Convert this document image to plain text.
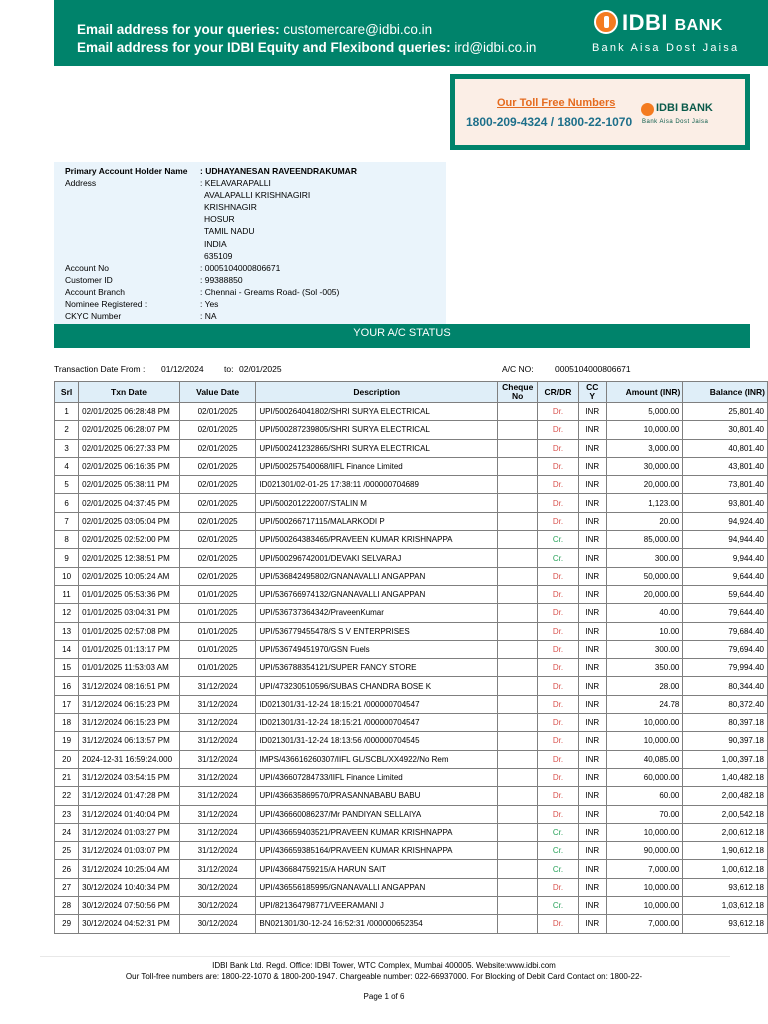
Email address for your queries: customercare@idbi.co.in
Email address for your IDBI Equity and Flexibond queries: ird@idbi.co.in
IDBI BANK
Bank Aisa Dost Jaisa
Our Toll Free Numbers
1800-209-4324 / 1800-22-1070
IDBI BANK
Bank Aisa Dost Jaisa
Primary Account Holder Name : UDHAYANESAN RAVEENDRAKUMAR
Address	: KELAVARAPALLI
AVALAPALLI KRISHNAGIRI
KRISHNAGIR
HOSUR
TAMIL NADU
INDIA
635109
Account No	: 0005104000806671
Customer ID	: 99388850
Account Branch	: Chennai - Greams Road- (Sol -005)
Nominee Registered :	: Yes
CKYC Number	: NA
YOUR A/C STATUS
Transaction Date From : 01/12/2024 to: 02/01/2025	A/C NO:	0005104000806671
Srl	Txn Date	Value Date	Description	Cheque
No	CR/DR	CC
Y	Amount (INR)	Balance (INR)
1	02/01/2025 06:28:48 PM	02/01/2025	UPI/500264041802/SHRI SURYA ELECTRICAL		Dr.	INR	5,000.00	25,801.40
2	02/01/2025 06:28:07 PM	02/01/2025	UPI/500287239805/SHRI SURYA ELECTRICAL		Dr.	INR	10,000.00	30,801.40
3	02/01/2025 06:27:33 PM	02/01/2025	UPI/500241232865/SHRI SURYA ELECTRICAL		Dr.	INR	3,000.00	40,801.40
4	02/01/2025 06:16:35 PM	02/01/2025	UPI/500257540068/IIFL Finance Limited		Dr.	INR	30,000.00	43,801.40
5	02/01/2025 05:38:11 PM	02/01/2025	ID021301/02-01-25 17:38:11 /000000704689		Dr.	INR	20,000.00	73,801.40
6	02/01/2025 04:37:45 PM	02/01/2025	UPI/500201222007/STALIN M		Dr.	INR	1,123.00	93,801.40
7	02/01/2025 03:05:04 PM	02/01/2025	UPI/500266717115/MALARKODI P		Dr.	INR	20.00	94,924.40
8	02/01/2025 02:52:00 PM	02/01/2025	UPI/500264383465/PRAVEEN KUMAR KRISHNAPPA		Cr.	INR	85,000.00	94,944.40
9	02/01/2025 12:38:51 PM	02/01/2025	UPI/500296742001/DEVAKI SELVARAJ		Cr.	INR	300.00	9,944.40
10	02/01/2025 10:05:24 AM	02/01/2025	UPI/536842495802/GNANAVALLI ANGAPPAN		Dr.	INR	50,000.00	9,644.40
11	01/01/2025 05:53:36 PM	01/01/2025	UPI/536766974132/GNANAVALLI ANGAPPAN		Dr.	INR	20,000.00	59,644.40
12	01/01/2025 03:04:31 PM	01/01/2025	UPI/536737364342/PraveenKumar		Dr.	INR	40.00	79,644.40
13	01/01/2025 02:57:08 PM	01/01/2025	UPI/536779455478/S S V ENTERPRISES		Dr.	INR	10.00	79,684.40
14	01/01/2025 01:13:17 PM	01/01/2025	UPI/536749451970/GSN Fuels		Dr.	INR	300.00	79,694.40
15	01/01/2025 11:53:03 AM	01/01/2025	UPI/536788354121/SUPER FANCY STORE		Dr.	INR	350.00	79,994.40
16	31/12/2024 08:16:51 PM	31/12/2024	UPI/473230510596/SUBAS CHANDRA BOSE K		Dr.	INR	28.00	80,344.40
17	31/12/2024 06:15:23 PM	31/12/2024	ID021301/31-12-24 18:15:21 /000000704547		Dr.	INR	24.78	80,372.40
18	31/12/2024 06:15:23 PM	31/12/2024	ID021301/31-12-24 18:15:21 /000000704547		Dr.	INR	10,000.00	80,397.18
19	31/12/2024 06:13:57 PM	31/12/2024	ID021301/31-12-24 18:13:56 /000000704545		Dr.	INR	10,000.00	90,397.18
20	2024-12-31 16:59:24.000	31/12/2024	IMPS/436616260307/IIFL GL/SCBL/XX4922/No Rem		Dr.	INR	40,085.00	1,00,397.18
21	31/12/2024 03:54:15 PM	31/12/2024	UPI/436607284733/IIFL Finance Limited		Dr.	INR	60,000.00	1,40,482.18
22	31/12/2024 01:47:28 PM	31/12/2024	UPI/436635869570/PRASANNABABU BABU		Dr.	INR	60.00	2,00,482.18
23	31/12/2024 01:40:04 PM	31/12/2024	UPI/436660086237/Mr PANDIYAN SELLAIYA		Dr.	INR	70.00	2,00,542.18
24	31/12/2024 01:03:27 PM	31/12/2024	UPI/436659403521/PRAVEEN KUMAR KRISHNAPPA		Cr.	INR	10,000.00	2,00,612.18
25	31/12/2024 01:03:07 PM	31/12/2024	UPI/436659385164/PRAVEEN KUMAR KRISHNAPPA		Cr.	INR	90,000.00	1,90,612.18
26	31/12/2024 10:25:04 AM	31/12/2024	UPI/436684759215/A HARUN SAIT		Cr.	INR	7,000.00	1,00,612.18
27	30/12/2024 10:40:34 PM	30/12/2024	UPI/436556185995/GNANAVALLI ANGAPPAN		Dr.	INR	10,000.00	93,612.18
28	30/12/2024 07:50:56 PM	30/12/2024	UPI/821364798771/VEERAMANI J		Cr.	INR	10,000.00	1,03,612.18
29	30/12/2024 04:52:31 PM	30/12/2024	BN021301/30-12-24 16:52:31 /000000652354		Dr.	INR	7,000.00	93,612.18
IDBI Bank Ltd. Regd. Office: IDBI Tower, WTC Complex, Mumbai 400005. Website:www.idbi.com
Our Toll-free numbers are: 1800-22-1070 & 1800-200-1947. Chargeable number: 022-66937000. For Blocking of Debit Card Contact on: 1800-22-
Page 1 of 6
